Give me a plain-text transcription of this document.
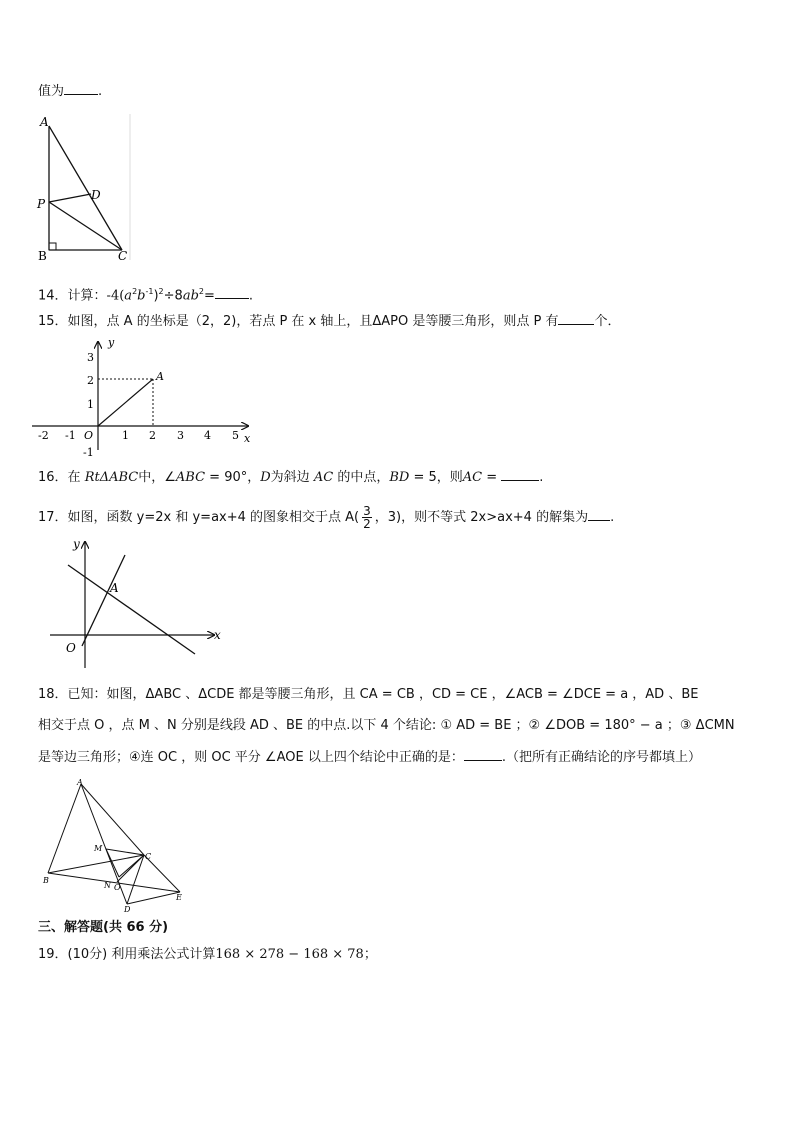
值为	.
A
P
D
B	C
14．计算：$-4(a^2b^{-1})^2\div 8ab^2=$	.
15．如图，点 A 的坐标是（2，2)，若点 P 在 x 轴上，且ΔAPO 是等腰三角形，则点 P 有	个．
y
x
O
A
-2 -1	1 2 3 4 5
3
2
1
-1
16．在 RtΔABC中，∠ABC = 90°，D为斜边 AC 的中点，BD = 5，则AC =	.
17．如图，函数 y=2x 和 y=ax+4 的图象相交于点 $A( \frac{3}{2}$ ，3)，则不等式 2x>ax+4 的解集为 .
y
x
O
A
18．已知：如图，ΔABC 、ΔCDE 都是等腰三角形，且 CA = CB ，CD = CE ，∠ACB = ∠DCE = a ，AD 、BE
相交于点 O ，点 M 、N 分别是线段 AD 、BE 的中点.以下 4 个结论: ① AD = BE ；② ∠DOB = 180° − a ；③ ΔCMN
是等边三角形；④连 OC ，则 OC 平分 ∠AOE 以上四个结论中正确的是：	.（把所有正确结论的序号都填上）
A
M
C
B
N O
D
E
三、解答题(共 66 分)
19．(10分) 利用乘法公式计算168 × 278 − 168 × 78；
